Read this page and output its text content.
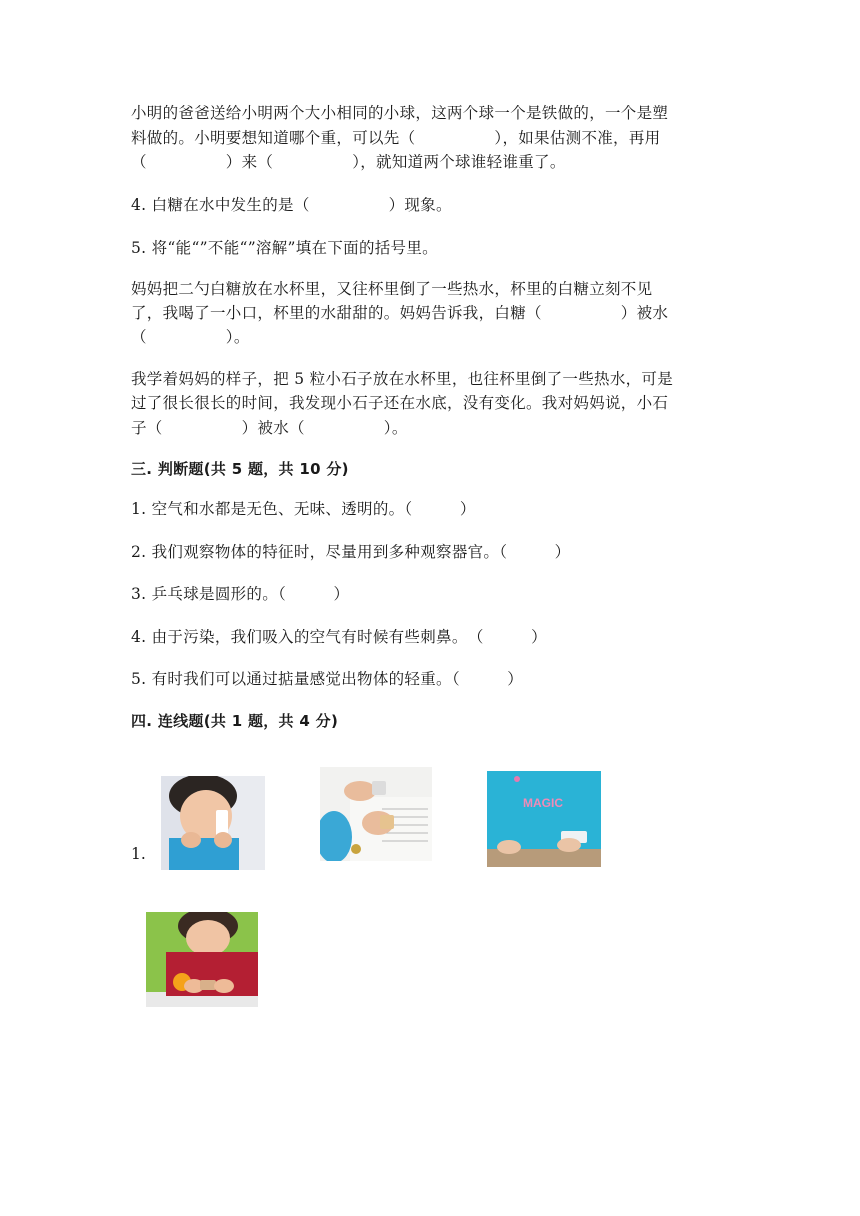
小明的爸爸送给小明两个大小相同的小球，这两个球一个是铁做的，一个是塑
料做的。小明要想知道哪个重，可以先（　　　　　），如果估测不准，再用
（　　　　　）来（　　　　　），就知道两个球谁轻谁重了。
4. 白糖在水中发生的是（　　　　　）现象。
5. 将“能“”不能“”溶解”填在下面的括号里。
妈妈把二勺白糖放在水杯里，又往杯里倒了一些热水，杯里的白糖立刻不见
了，我喝了一小口，杯里的水甜甜的。妈妈告诉我，白糖（　　　　　）被水
（　　　　　）。
我学着妈妈的样子，把 5 粒小石子放在水杯里，也往杯里倒了一些热水，可是
过了很长很长的时间，我发现小石子还在水底，没有变化。我对妈妈说，小石
子（　　　　　）被水（　　　　　）。
三. 判断题(共 5 题，共 10 分)
1. 空气和水都是无色、无味、透明的。（　　　）
2. 我们观察物体的特征时，尽量用到多种观察器官。（　　　）
3. 乒乓球是圆形的。（　　　）
4. 由于污染，我们吸入的空气有时候有些刺鼻。　（　　　）
5. 有时我们可以通过掂量感觉出物体的轻重。（　　　）
四. 连线题(共 1 题，共 4 分)
1.
MAGIC
